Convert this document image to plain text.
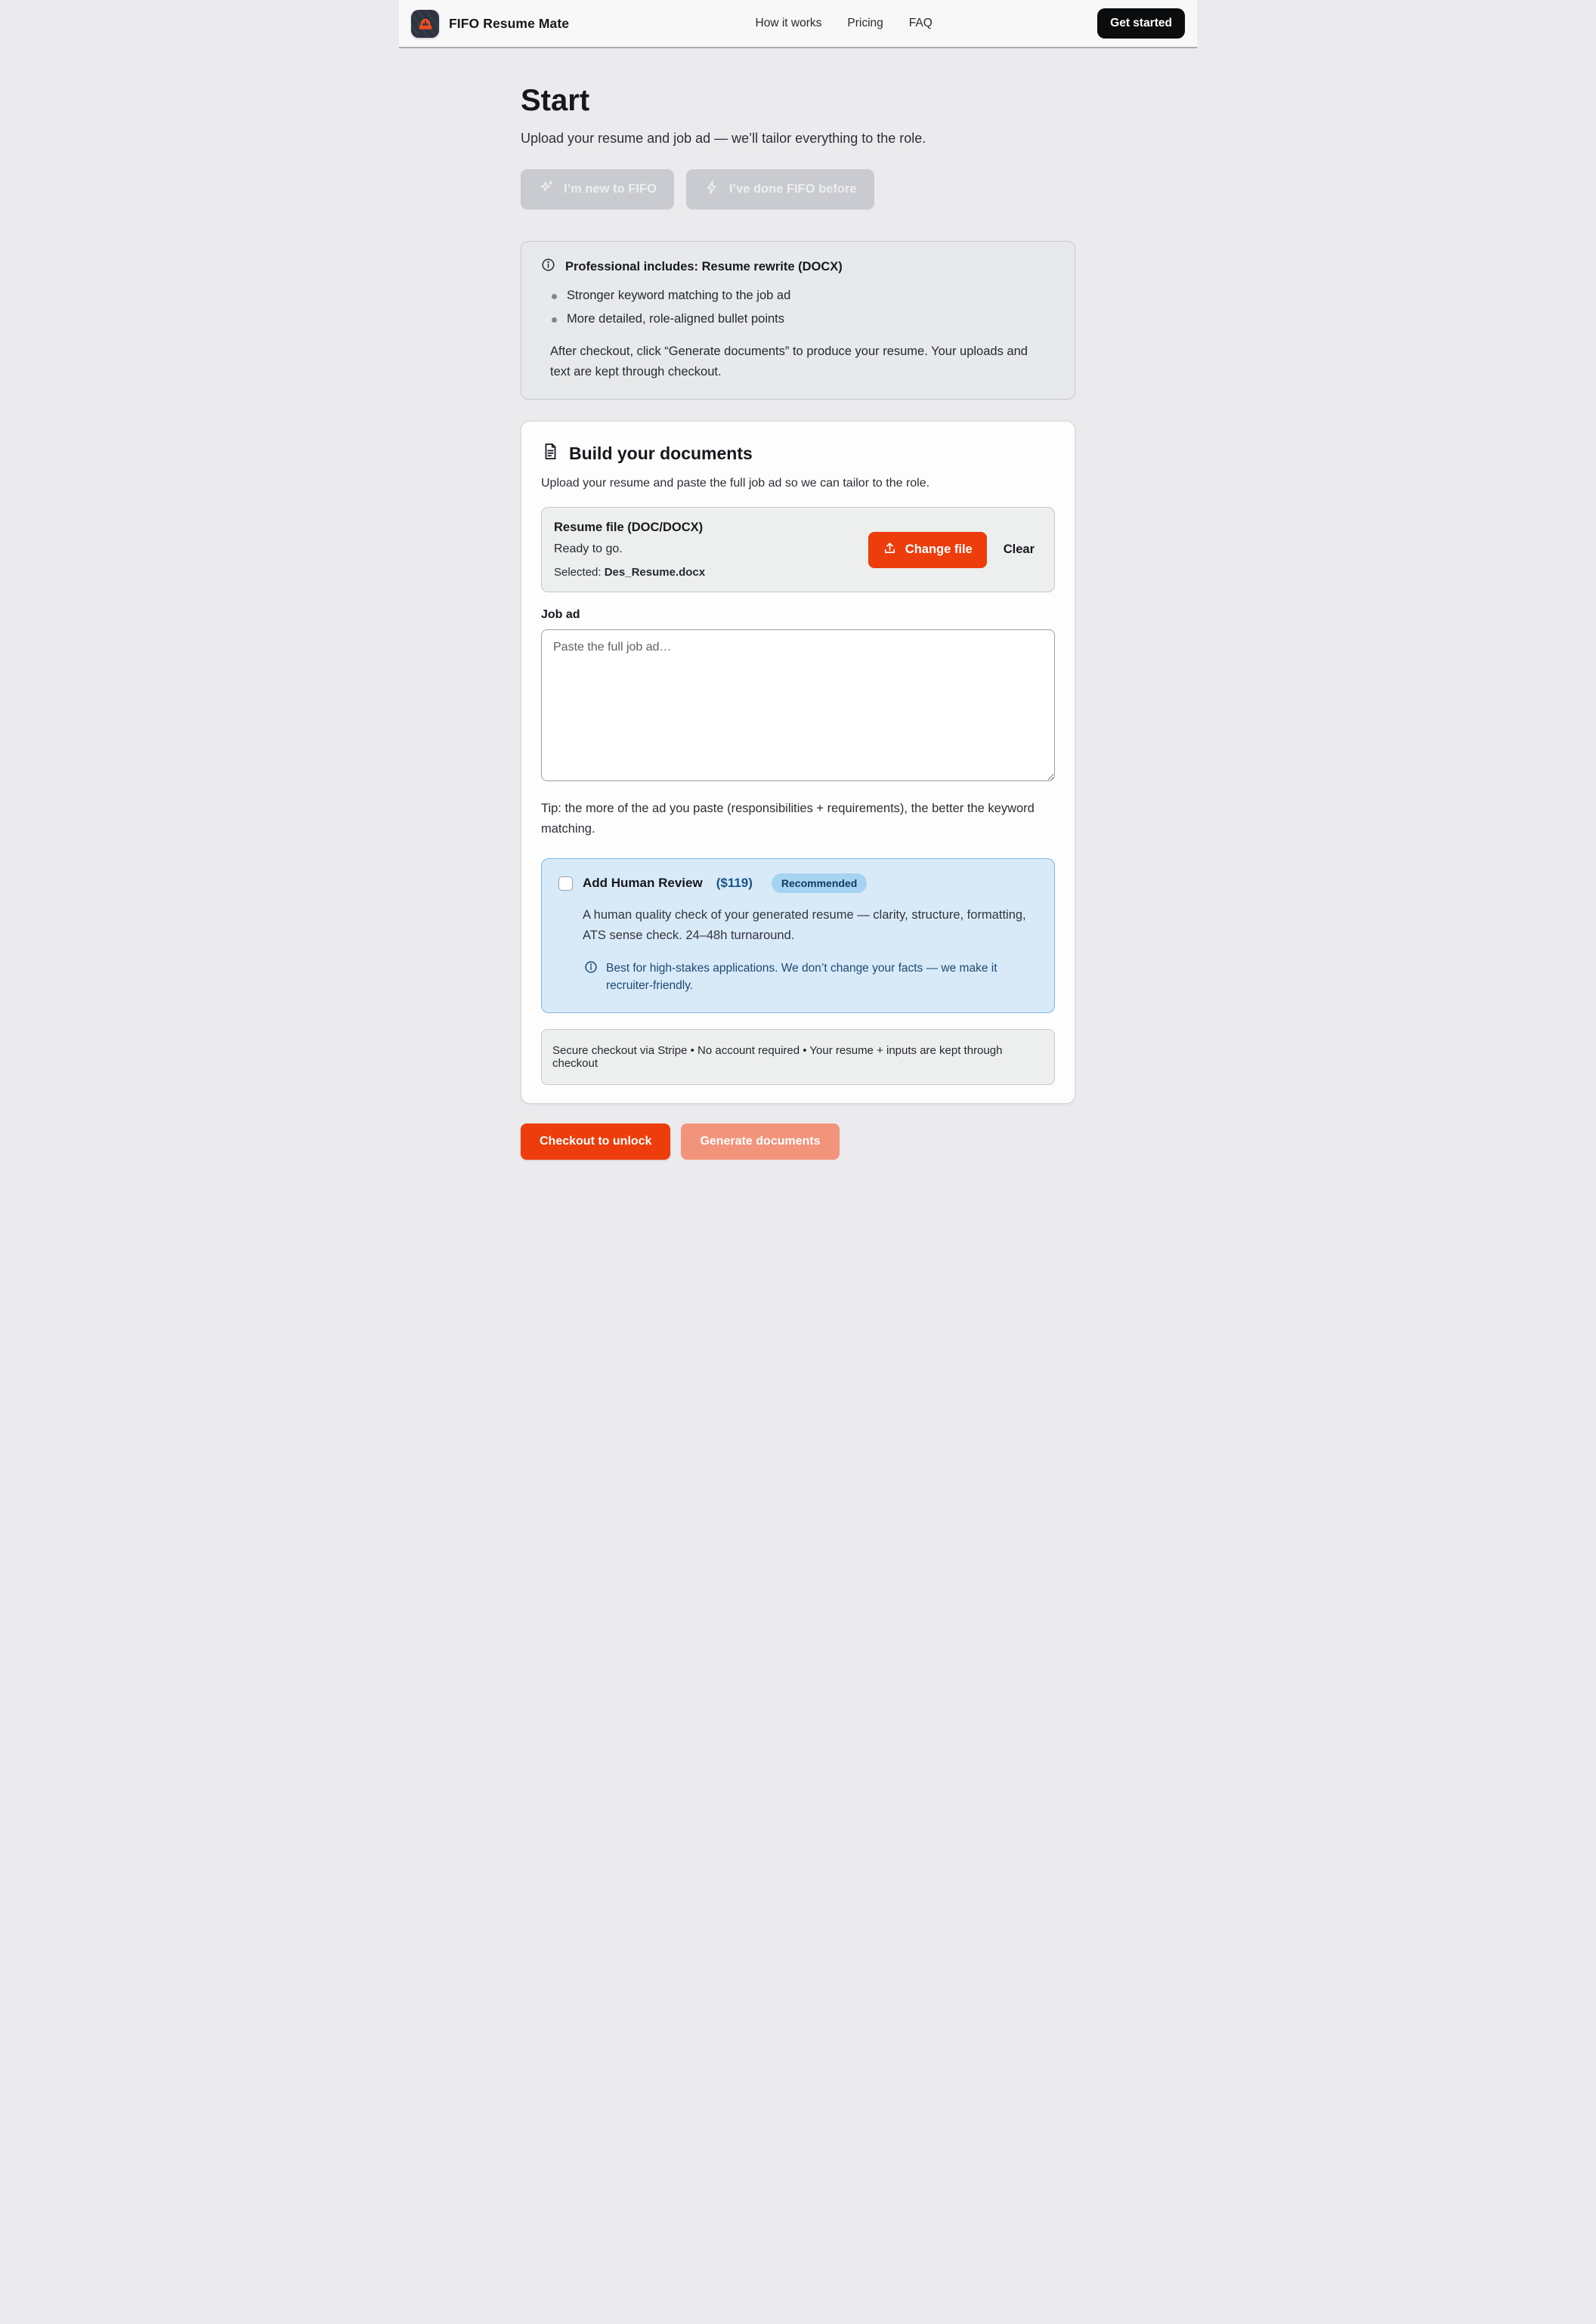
FIFO Resume Mate	How it works Pricing FAQ	Get started
Start

Upload your resume and job ad — we’ll tailor everything to the role.

I’m new to FIFO	I’ve done FIFO before
Professional includes: Resume rewrite (DOCX)
Stronger keyword matching to the job ad
More detailed, role-aligned bullet points

After checkout, click “Generate documents” to produce your resume. Your uploads and text are kept through checkout.

Build your documents

Upload your resume and paste the full job ad so we can tailor to the role.

Resume file (DOC/DOCX)
Ready to go.
Selected: Des_Resume.docx
Change file Clear
Job ad
Paste the full job ad…

Tip: the more of the ad you paste (responsibilities + requirements), the better the keyword matching.

Add Human Review ($119)	Recommended

A human quality check of your generated resume — clarity, structure, formatting, ATS sense check. 24–48h turnaround.

Best for high-stakes applications. We don’t change your facts — we make it recruiter-friendly.
Secure checkout via Stripe • No account required • Your resume + inputs are kept through checkout
Checkout to unlock	Generate documents
